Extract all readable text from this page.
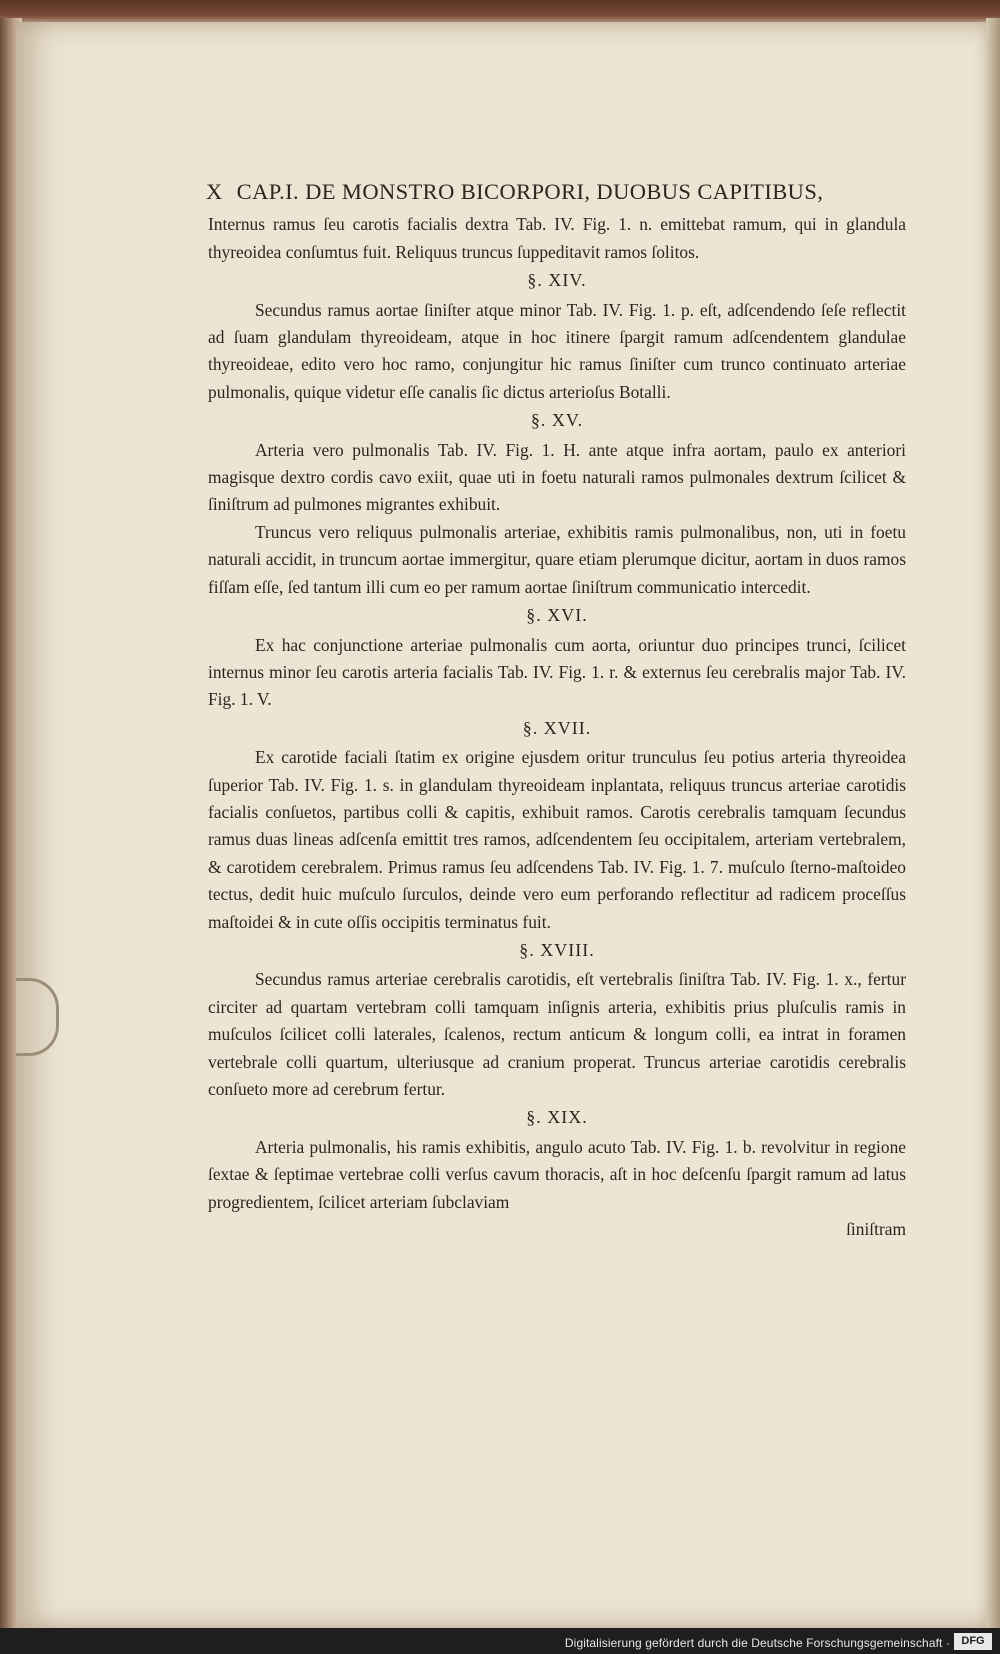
X CAP.I. DE MONSTRO BICORPORI, DUOBUS CAPITIBUS,

Internus ramus ſeu carotis facialis dextra Tab. IV. Fig. 1. n. emittebat ramum, qui in glandula thyreoidea conſumtus fuit. Reliquus truncus ſuppeditavit ramos ſolitos.

§. XIV.

Secundus ramus aortae ſiniſter atque minor Tab. IV. Fig. 1. p. eſt, adſcendendo ſeſe reflectit ad ſuam glandulam thyreoideam, atque in hoc itinere ſpargit ramum adſcendentem glandulae thyreoideae, edito vero hoc ramo, conjungitur hic ramus ſiniſter cum trunco continuato arteriae pulmonalis, quique videtur eſſe canalis ſic dictus arterioſus Botalli.

§. XV.

Arteria vero pulmonalis Tab. IV. Fig. 1. H. ante atque infra aortam, paulo ex anteriori magisque dextro cordis cavo exiit, quae uti in foetu naturali ramos pulmonales dextrum ſcilicet & ſiniſtrum ad pulmones migrantes exhibuit.

Truncus vero reliquus pulmonalis arteriae, exhibitis ramis pulmonalibus, non, uti in foetu naturali accidit, in truncum aortae immergitur, quare etiam plerumque dicitur, aortam in duos ramos fiſſam eſſe, ſed tantum illi cum eo per ramum aortae ſiniſtrum communicatio intercedit.

§. XVI.

Ex hac conjunctione arteriae pulmonalis cum aorta, oriuntur duo principes trunci, ſcilicet internus minor ſeu carotis arteria facialis Tab. IV. Fig. 1. r. & externus ſeu cerebralis major Tab. IV. Fig. 1. V.

§. XVII.

Ex carotide faciali ſtatim ex origine ejusdem oritur trunculus ſeu potius arteria thyreoidea ſuperior Tab. IV. Fig. 1. s. in glandulam thyreoideam inplantata, reliquus truncus arteriae carotidis facialis conſuetos, partibus colli & capitis, exhibuit ramos. Carotis cerebralis tamquam ſecundus ramus duas lineas adſcenſa emittit tres ramos, adſcendentem ſeu occipitalem, arteriam vertebralem, & carotidem cerebralem. Primus ramus ſeu adſcendens Tab. IV. Fig. 1. 7. muſculo ſterno-maſtoideo tectus, dedit huic muſculo ſurculos, deinde vero eum perforando reflectitur ad radicem proceſſus maſtoidei & in cute oſſis occipitis terminatus fuit.

§. XVIII.

Secundus ramus arteriae cerebralis carotidis, eſt vertebralis ſiniſtra Tab. IV. Fig. 1. x., fertur circiter ad quartam vertebram colli tamquam inſignis arteria, exhibitis prius pluſculis ramis in muſculos ſcilicet colli laterales, ſcalenos, rectum anticum & longum colli, ea intrat in foramen vertebrale colli quartum, ulteriusque ad cranium properat. Truncus arteriae carotidis cerebralis conſueto more ad cerebrum fertur.

§. XIX.

Arteria pulmonalis, his ramis exhibitis, angulo acuto Tab. IV. Fig. 1. b. revolvitur in regione ſextae & ſeptimae vertebrae colli verſus cavum thoracis, aſt in hoc deſcenſu ſpargit ramum ad latus progredientem, ſcilicet arteriam ſubclaviam

ſiniſtram
Digitalisierung gefördert durch die Deutsche Forschungsgemeinschaft ·	DFG
